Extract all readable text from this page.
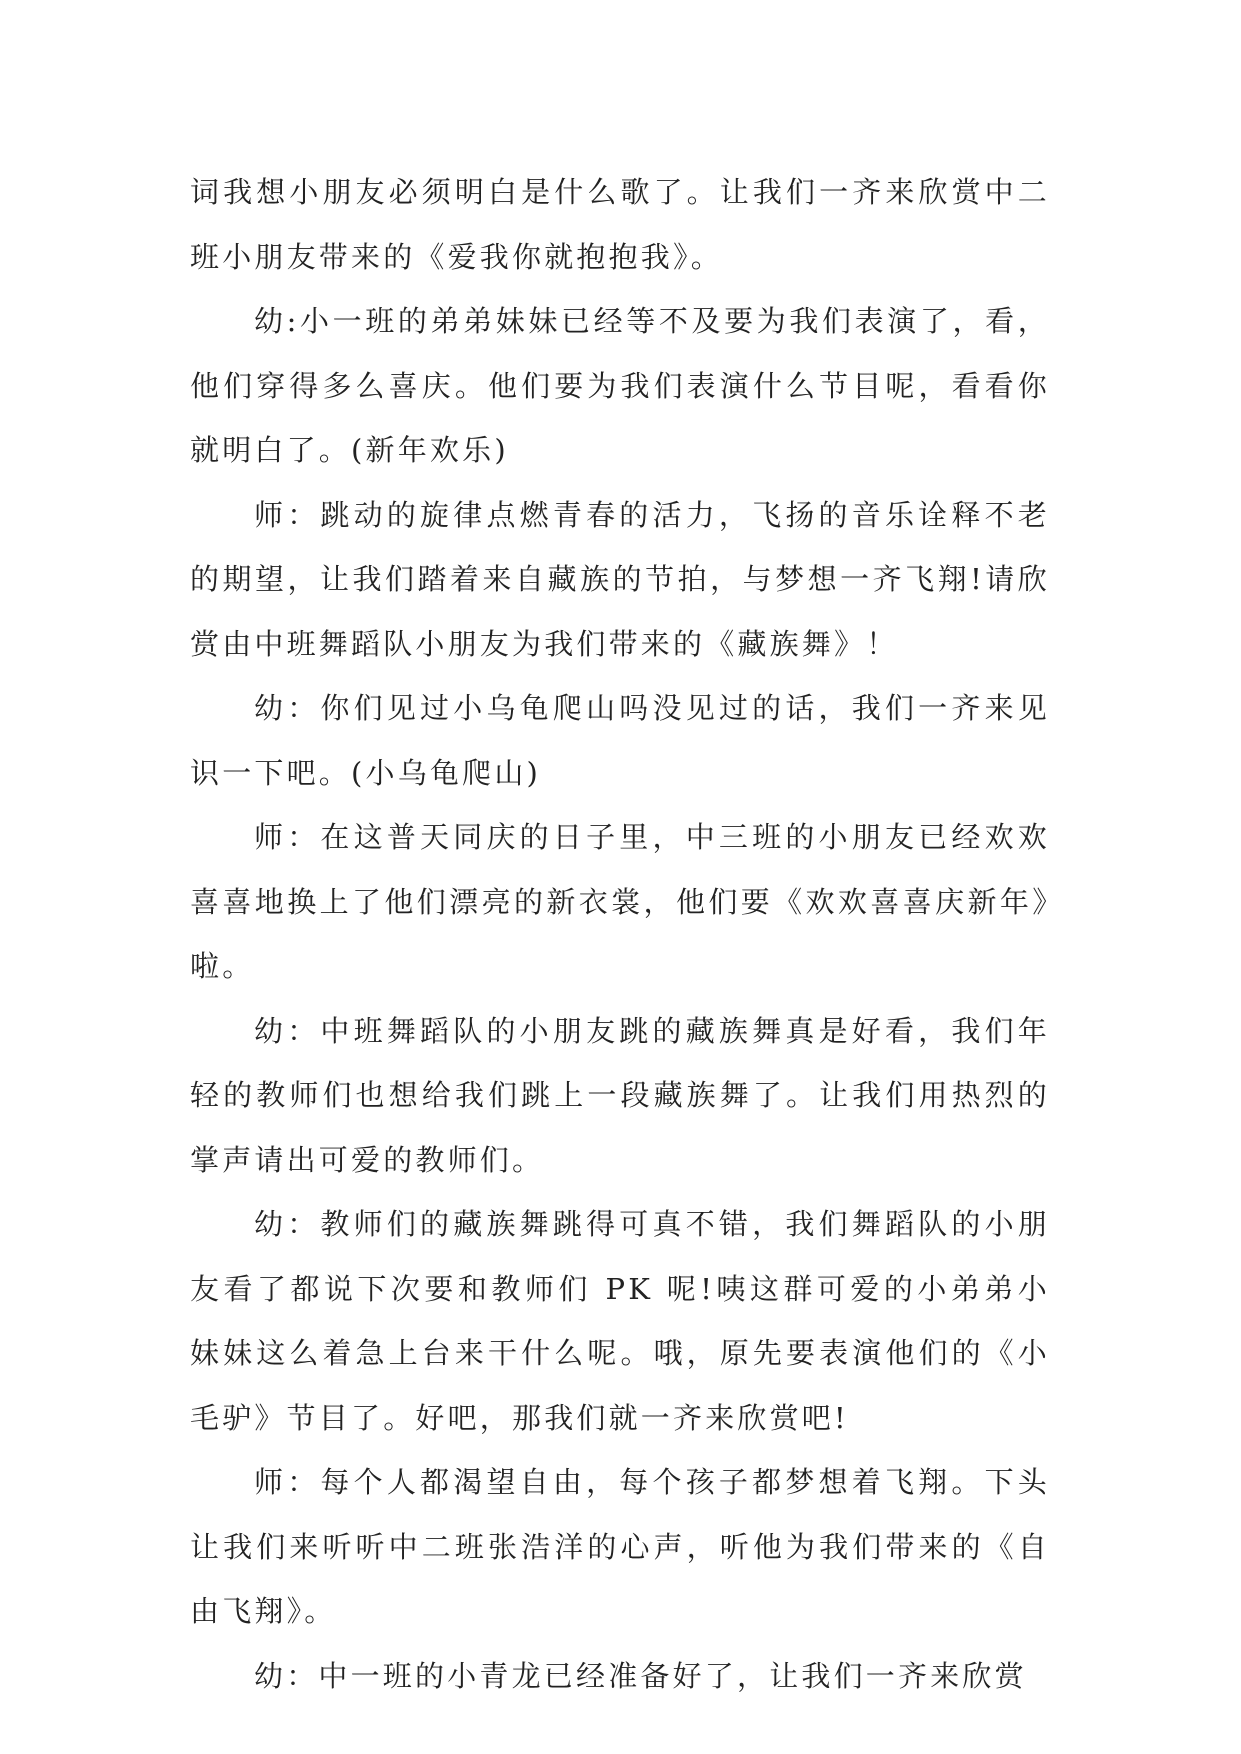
词我想小朋友必须明白是什么歌了。让我们一齐来欣赏中二班小朋友带来的《爱我你就抱抱我》。

幼:小一班的弟弟妹妹已经等不及要为我们表演了，看，他们穿得多么喜庆。他们要为我们表演什么节目呢，看看你就明白了。(新年欢乐)

师：跳动的旋律点燃青春的活力，飞扬的音乐诠释不老的期望，让我们踏着来自藏族的节拍，与梦想一齐飞翔!请欣赏由中班舞蹈队小朋友为我们带来的《藏族舞》！

幼：你们见过小乌龟爬山吗没见过的话，我们一齐来见识一下吧。(小乌龟爬山)

师：在这普天同庆的日子里，中三班的小朋友已经欢欢喜喜地换上了他们漂亮的新衣裳，他们要《欢欢喜喜庆新年》啦。

幼：中班舞蹈队的小朋友跳的藏族舞真是好看，我们年轻的教师们也想给我们跳上一段藏族舞了。让我们用热烈的掌声请出可爱的教师们。

幼：教师们的藏族舞跳得可真不错，我们舞蹈队的小朋友看了都说下次要和教师们 PK 呢!咦这群可爱的小弟弟小妹妹这么着急上台来干什么呢。哦，原先要表演他们的《小毛驴》节目了。好吧，那我们就一齐来欣赏吧!

师：每个人都渴望自由，每个孩子都梦想着飞翔。下头让我们来听听中二班张浩洋的心声，听他为我们带来的《自由飞翔》。

幼：中一班的小青龙已经准备好了，让我们一齐来欣赏
